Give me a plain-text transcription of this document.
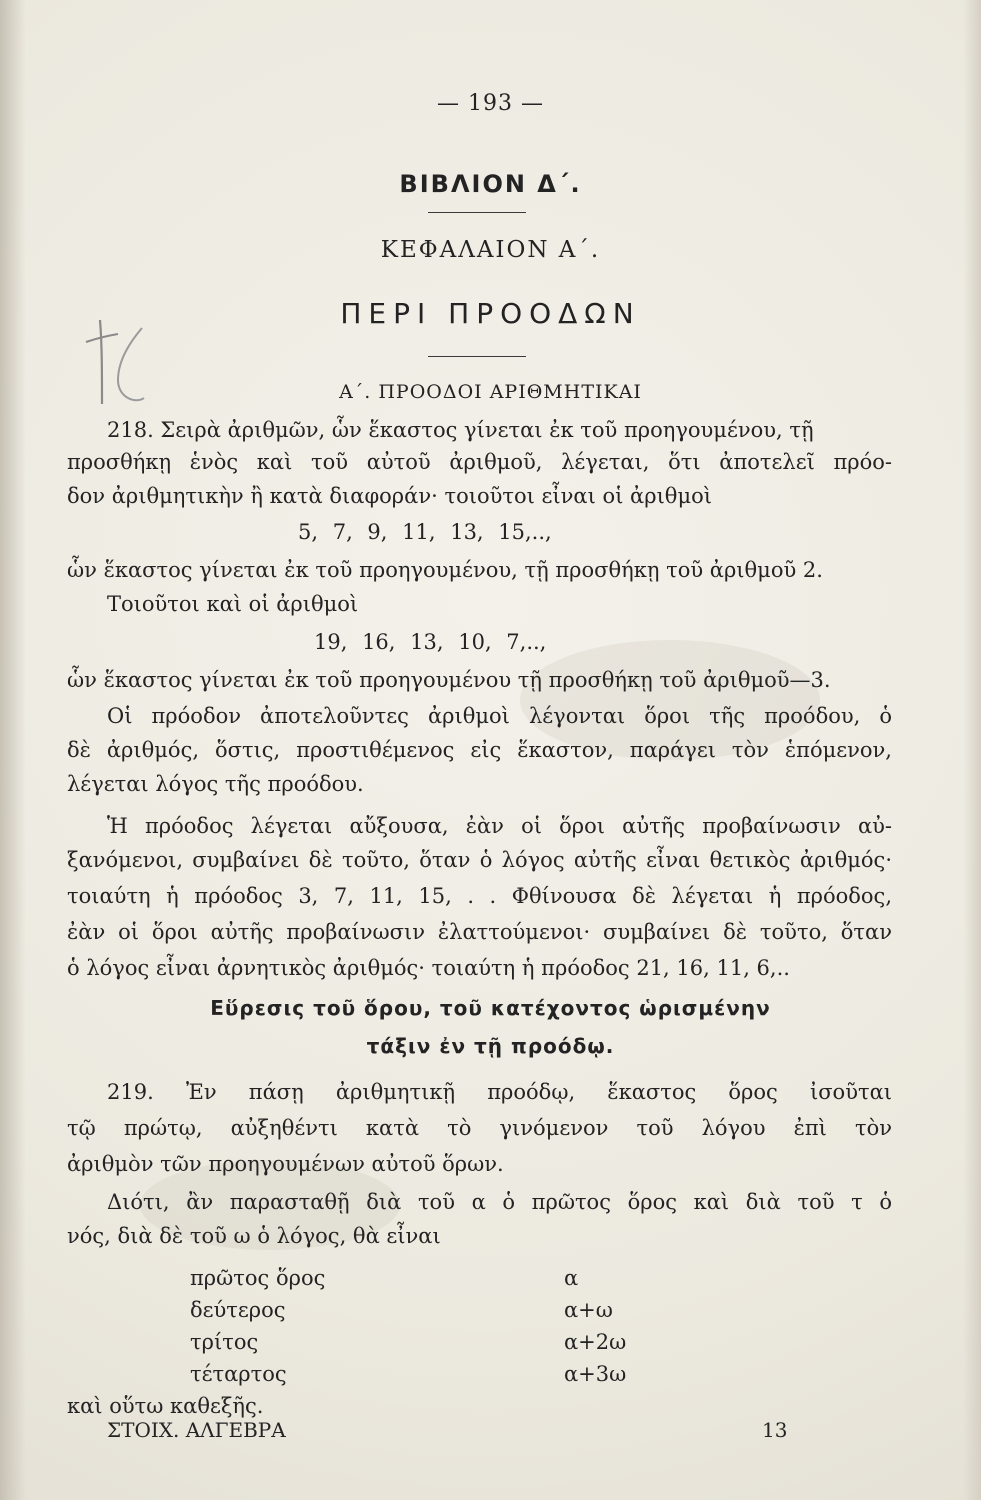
— 193 —
ΒΙΒΛΙΟΝ Δ΄.
ΚΕΦΑΛΑΙΟΝ Α΄.
ΠΕΡΙ ΠΡΟΟΔΩΝ
Α΄. ΠΡΟΟΔΟΙ ΑΡΙΘΜΗΤΙΚΑΙ
218. Σειρὰ ἀριθμῶν, ὧν ἕκαστος γίνεται ἐκ τοῦ προηγουμένου, τῇ
προσθήκῃ ἑνὸς καὶ τοῦ αὐτοῦ ἀριθμοῦ, λέγεται, ὅτι ἀποτελεῖ πρόο-
δον ἀριθμητικὴν ἢ κατὰ διαφοράν· τοιοῦτοι εἶναι οἱ ἀριθμοὶ
5, 7, 9, 11, 13, 15,..,
ὧν ἕκαστος γίνεται ἐκ τοῦ προηγουμένου, τῇ προσθήκῃ τοῦ ἀριθμοῦ 2.
Τοιοῦτοι καὶ οἱ ἀριθμοὶ
19, 16, 13, 10, 7,..,
ὧν ἕκαστος γίνεται ἐκ τοῦ προηγουμένου τῇ προσθήκῃ τοῦ ἀριθμοῦ—3.
Οἱ πρόοδον ἀποτελοῦντες ἀριθμοὶ λέγονται ὅροι τῆς προόδου, ὁ
δὲ ἀριθμός, ὅστις, προστιθέμενος εἰς ἕκαστον, παράγει τὸν ἑπόμενον,
λέγεται λόγος τῆς προόδου.
Ἡ πρόοδος λέγεται αὔξουσα, ἐὰν οἱ ὅροι αὐτῆς προβαίνωσιν αὐ-
ξανόμενοι, συμβαίνει δὲ τοῦτο, ὅταν ὁ λόγος αὐτῆς εἶναι θετικὸς ἀριθμός·
τοιαύτη ἡ πρόοδος 3, 7, 11, 15, . . Φθίνουσα δὲ λέγεται ἡ πρόοδος,
ἐὰν οἱ ὅροι αὐτῆς προβαίνωσιν ἐλαττούμενοι· συμβαίνει δὲ τοῦτο, ὅταν
ὁ λόγος εἶναι ἀρνητικὸς ἀριθμός· τοιαύτη ἡ πρόοδος 21, 16, 11, 6,..
Εὕρεσις τοῦ ὅρου, τοῦ κατέχοντος ὡρισμένην
τάξιν ἐν τῇ προόδῳ.
219. Ἐν πάσῃ ἀριθμητικῇ προόδῳ, ἕκαστος ὅρος ἰσοῦται
τῷ πρώτῳ, αὐξηθέντι κατὰ τὸ γινόμενον τοῦ λόγου ἐπὶ τὸν
ἀριθμὸν τῶν προηγουμένων αὐτοῦ ὅρων.
Διότι, ἂν παρασταθῇ διὰ τοῦ α ὁ πρῶτος ὅρος καὶ διὰ τοῦ τ ὁ
νός, διὰ δὲ τοῦ ω ὁ λόγος, θὰ εἶναι
πρῶτος ὅρος	α
δεύτερος	α+ω
τρίτος	α+2ω
τέταρτος	α+3ω
καὶ οὕτω καθεξῆς.
ΣΤΟΙΧ. ΑΛΓΕΒΡΑ	13
